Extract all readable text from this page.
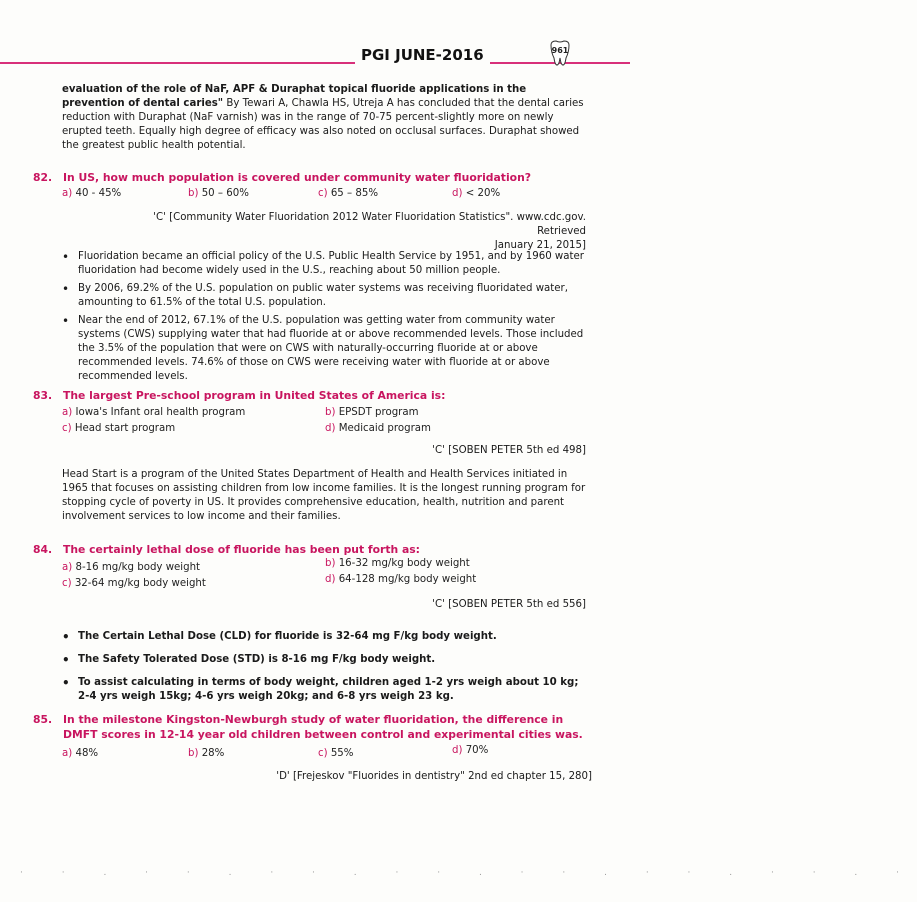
PGI JUNE-2016	961
evaluation of the role of NaF, APF & Duraphat topical fluoride applications in the prevention of dental caries" By Tewari A, Chawla HS, Utreja A has concluded that the dental caries reduction with Duraphat (NaF varnish) was in the range of 70-75 percent-slightly more on newly erupted teeth. Equally high degree of efficacy was also noted on occlusal surfaces. Duraphat showed the greatest public health potential.
82. In US, how much population is covered under community water fluoridation?
a) 40 - 45%	b) 50 – 60%	c) 65 – 85%	d) < 20%
'C' [Community Water Fluoridation 2012 Water Fluoridation Statistics". www.cdc.gov. Retrieved
January 21, 2015]
• Fluoridation became an official policy of the U.S. Public Health Service by 1951, and by 1960 water fluoridation had become widely used in the U.S., reaching about 50 million people.
• By 2006, 69.2% of the U.S. population on public water systems was receiving fluoridated water, amounting to 61.5% of the total U.S. population.
• Near the end of 2012, 67.1% of the U.S. population was getting water from community water systems (CWS) supplying water that had fluoride at or above recommended levels. Those included the 3.5% of the population that were on CWS with naturally-occurring fluoride at or above recommended levels. 74.6% of those on CWS were receiving water with fluoride at or above recommended levels.
83. The largest Pre-school program in United States of America is:
a) Iowa's Infant oral health program	b) EPSDT program
c) Head start program	d) Medicaid program
'C' [SOBEN PETER 5th ed 498]
Head Start is a program of the United States Department of Health and Health Services initiated in 1965 that focuses on assisting children from low income families. It is the longest running program for stopping cycle of poverty in US. It provides comprehensive education, health, nutrition and parent involvement services to low income and their families.
84. The certainly lethal dose of fluoride has been put forth as:
a) 8-16 mg/kg body weight	b) 16-32 mg/kg body weight
c) 32-64 mg/kg body weight	d) 64-128 mg/kg body weight
'C' [SOBEN PETER 5th ed 556]
• The Certain Lethal Dose (CLD) for fluoride is 32-64 mg F/kg body weight.
• The Safety Tolerated Dose (STD) is 8-16 mg F/kg body weight.
• To assist calculating in terms of body weight, children aged 1-2 yrs weigh about 10 kg; 2-4 yrs weigh 15kg; 4-6 yrs weigh 20kg; and 6-8 yrs weigh 23 kg.
85. In the milestone Kingston-Newburgh study of water fluoridation, the difference in DMFT scores in 12-14 year old children between control and experimental cities was.
a) 48%	b) 28%	c) 55%	d) 70%
'D' [Frejeskov "Fluorides in dentistry" 2nd ed chapter 15, 280]
· · . · · . · · . · · . · · . · · . · · . ·
